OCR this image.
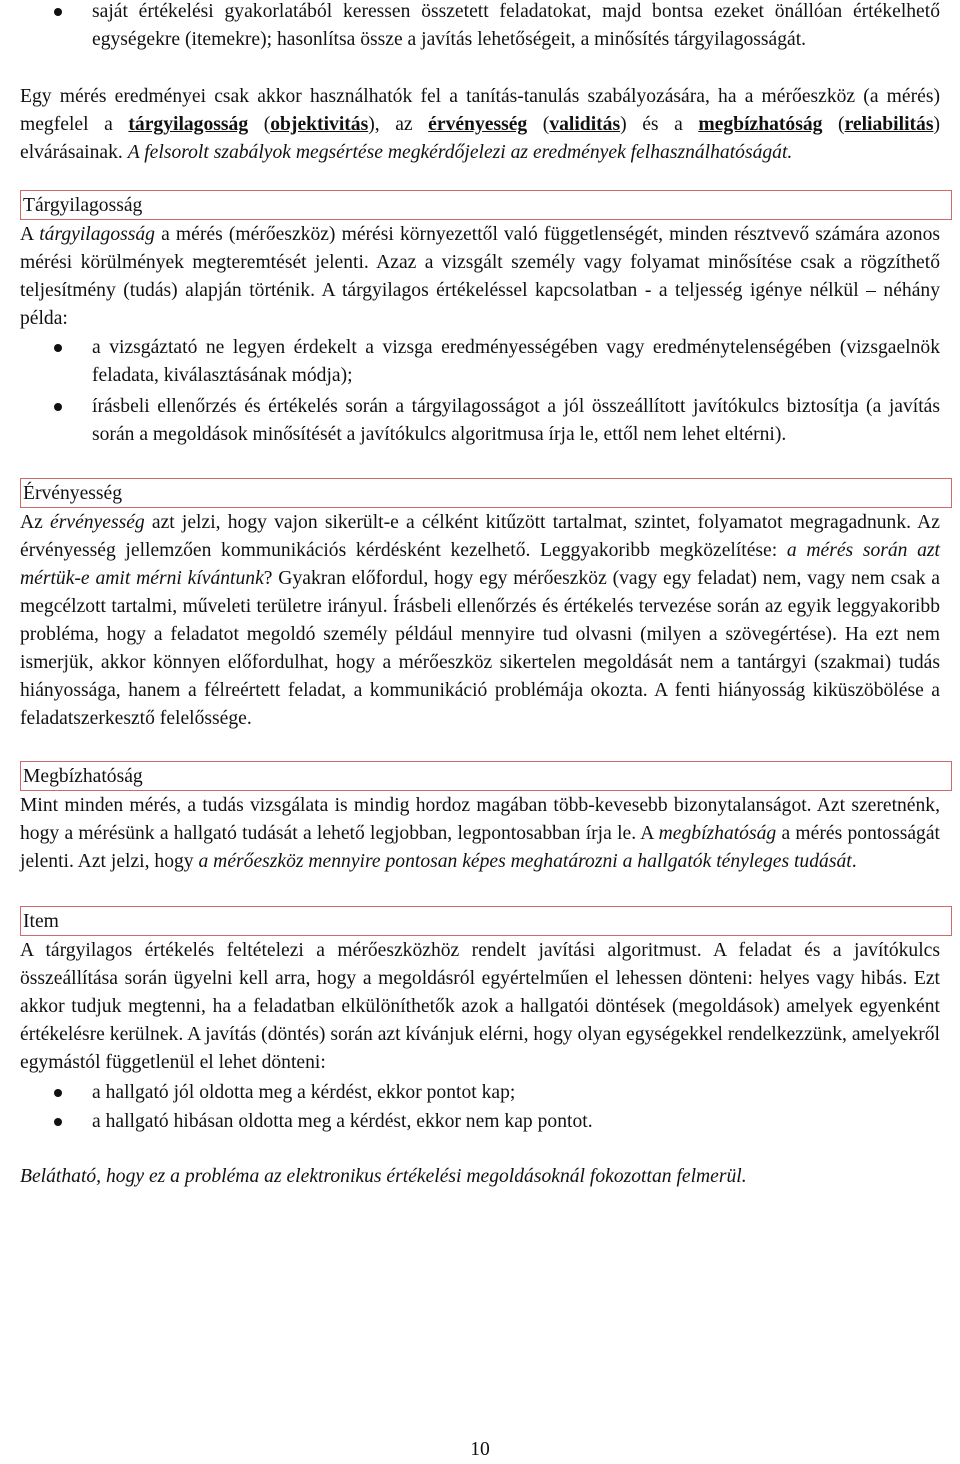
saját értékelési gyakorlatából keressen összetett feladatokat, majd bontsa ezeket önállóan értékelhető egységekre (itemekre); hasonlítsa össze a javítás lehetőségeit, a minősítés tárgyilagosságát.

Egy mérés eredményei csak akkor használhatók fel a tanítás-tanulás szabályozására, ha a mérőeszköz (a mérés) megfelel a tárgyilagosság (objektivitás), az érvényesség (validitás) és a megbízhatóság (reliabilitás) elvárásainak. A felsorolt szabályok megsértése megkérdőjelezi az eredmények felhasználhatóságát.

Tárgyilagosság

A tárgyilagosság a mérés (mérőeszköz) mérési környezettől való függetlenségét, minden résztvevő számára azonos mérési körülmények megteremtését jelenti. Azaz a vizsgált személy vagy folyamat minősítése csak a rögzíthető teljesítmény (tudás) alapján történik. A tárgyilagos értékeléssel kapcsolatban - a teljesség igénye nélkül – néhány példa:

a vizsgáztató ne legyen érdekelt a vizsga eredményességében vagy eredménytelenségében (vizsgaelnök feladata, kiválasztásának módja);
írásbeli ellenőrzés és értékelés során a tárgyilagosságot a jól összeállított javítókulcs biztosítja (a javítás során a megoldások minősítését a javítókulcs algoritmusa írja le, ettől nem lehet eltérni).
Érvényesség

Az érvényesség azt jelzi, hogy vajon sikerült-e a célként kitűzött tartalmat, szintet, folyamatot megragadnunk. Az érvényesség jellemzően kommunikációs kérdésként kezelhető. Leggyakoribb megközelítése: a mérés során azt mértük-e amit mérni kívántunk? Gyakran előfordul, hogy egy mérőeszköz (vagy egy feladat) nem, vagy nem csak a megcélzott tartalmi, műveleti területre irányul. Írásbeli ellenőrzés és értékelés tervezése során az egyik leggyakoribb probléma, hogy a feladatot megoldó személy például mennyire tud olvasni (milyen a szövegértése). Ha ezt nem ismerjük, akkor könnyen előfordulhat, hogy a mérőeszköz sikertelen megoldását nem a tantárgyi (szakmai) tudás hiányossága, hanem a félreértett feladat, a kommunikáció problémája okozta. A fenti hiányosság kiküszöbölése a feladatszerkesztő felelőssége.

Megbízhatóság

Mint minden mérés, a tudás vizsgálata is mindig hordoz magában több-kevesebb bizonytalanságot. Azt szeretnénk, hogy a mérésünk a hallgató tudását a lehető legjobban, legpontosabban írja le. A megbízhatóság a mérés pontosságát jelenti. Azt jelzi, hogy a mérőeszköz mennyire pontosan képes meghatározni a hallgatók tényleges tudását.

Item

A tárgyilagos értékelés feltételezi a mérőeszközhöz rendelt javítási algoritmust. A feladat és a javítókulcs összeállítása során ügyelni kell arra, hogy a megoldásról egyértelműen el lehessen dönteni: helyes vagy hibás. Ezt akkor tudjuk megtenni, ha a feladatban elkülöníthetők azok a hallgatói döntések (megoldások) amelyek egyenként értékelésre kerülnek. A javítás (döntés) során azt kívánjuk elérni, hogy olyan egységekkel rendelkezzünk, amelyekről egymástól függetlenül el lehet dönteni:

a hallgató jól oldotta meg a kérdést, ekkor pontot kap;
a hallgató hibásan oldotta meg a kérdést, ekkor nem kap pontot.

Belátható, hogy ez a probléma az elektronikus értékelési megoldásoknál fokozottan felmerül.

10
